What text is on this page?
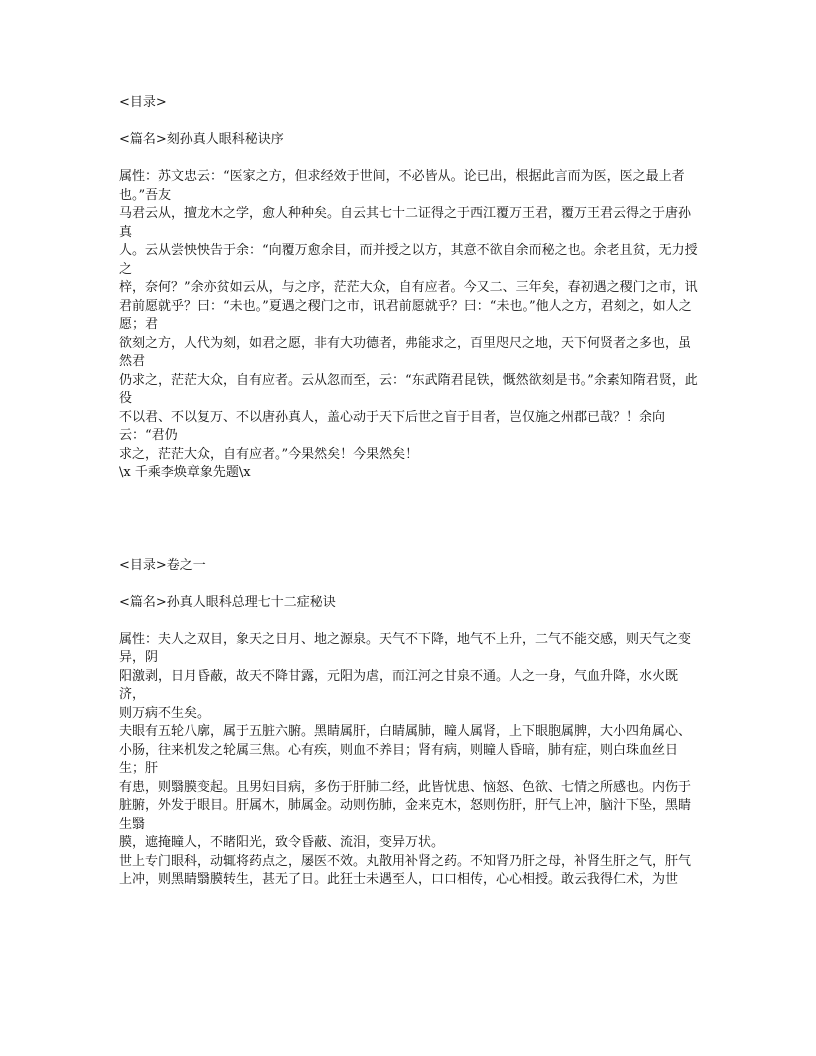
<目录>
<篇名>刻孙真人眼科秘诀序
属性：苏文忠云：“医家之方，但求经效于世间，不必皆从。论已出，根据此言而为医，医之最上者也。”吾友
马君云从，擅龙木之学，愈人种种矣。自云其七十二证得之于西江覆万王君，覆万王君云得之于唐孙真
人。云从尝怏怏告于余：“向覆万愈余目，而并授之以方，其意不欲自余而秘之也。余老且贫，无力授之
梓，奈何？”余亦贫如云从，与之序，茫茫大众，自有应者。今又二、三年矣，春初遇之稷门之市，讯
君前愿就乎？曰：“未也。”夏遇之稷门之市，讯君前愿就乎？曰：“未也。”他人之方，君刻之，如人之愿；君
欲刻之方，人代为刻，如君之愿，非有大功德者，弗能求之，百里咫尺之地，天下何贤者之多也，虽然君
仍求之，茫茫大众，自有应者。云从忽而至，云：“东武隋君昆铁，慨然欲刻是书。”余素知隋君贤，此役
不以君、不以复万、不以唐孙真人，盖心动于天下后世之盲于目者，岂仅施之州郡已哉？！余向云：“君仍
求之，茫茫大众，自有应者。”今果然矣！今果然矣！
\x 千乘李焕章象先题\x
<目录>卷之一
<篇名>孙真人眼科总理七十二症秘诀
属性：夫人之双目，象天之日月、地之源泉。天气不下降，地气不上升，二气不能交感，则天气之变异，阴
阳激剥，日月昏蔽，故天不降甘露，元阳为虐，而江河之甘泉不通。人之一身，气血升降，水火既济，
则万病不生矣。
夫眼有五轮八廓，属于五脏六腑。黑睛属肝，白睛属肺，瞳人属肾，上下眼胞属脾，大小四角属心、
小肠，往来机发之轮属三焦。心有疾，则血不养目；肾有病，则瞳人昏暗，肺有症，则白珠血丝日生；肝
有患，则翳膜变起。且男妇目病，多伤于肝肺二经，此皆忧患、恼怒、色欲、七情之所感也。内伤于
脏腑，外发于眼目。肝属木，肺属金。动则伤肺，金来克木，怒则伤肝，肝气上冲，脑汁下坠，黑睛生翳
膜，遮掩瞳人，不睹阳光，致令昏蔽、流泪，变异万状。
世上专门眼科，动辄将药点之，屡医不效。丸散用补肾之药。不知肾乃肝之母，补肾生肝之气，肝气
上冲，则黑睛翳膜转生，甚无了日。此狂士未遇至人，口口相传，心心相授。敢云我得仁术，为世
